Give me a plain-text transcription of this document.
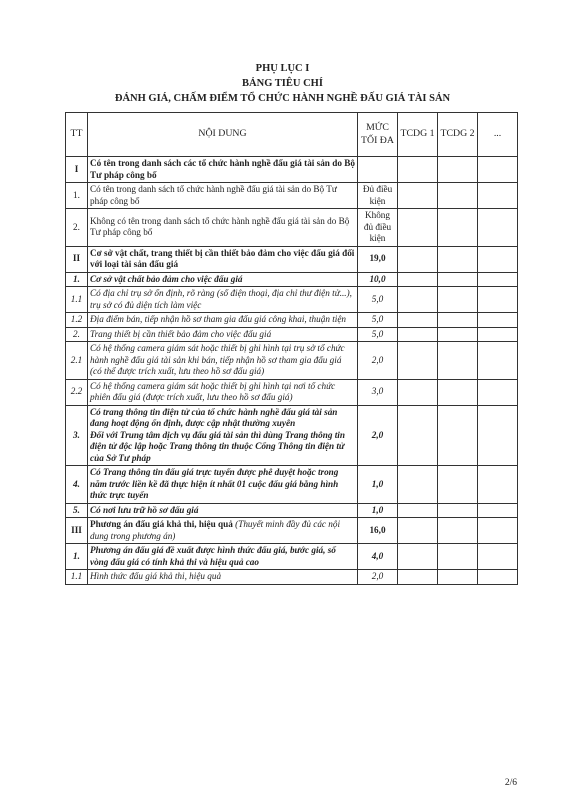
PHỤ LỤC I
BẢNG TIÊU CHÍ
ĐÁNH GIÁ, CHẤM ĐIỂM TỔ CHỨC HÀNH NGHỀ ĐẤU GIÁ TÀI SẢN
TT	NỘI DUNG	MỨC TỐI ĐA	TCDG 1	TCDG 2	...
I	Có tên trong danh sách các tổ chức hành nghề đấu giá tài sản do Bộ Tư pháp công bố				
1.	Có tên trong danh sách tổ chức hành nghề đấu giá tài sản do Bộ Tư pháp công bố	Đủ điều kiện			
2.	Không có tên trong danh sách tổ chức hành nghề đấu giá tài sản do Bộ Tư pháp công bố	Không đủ điều kiện			
II	Cơ sở vật chất, trang thiết bị cần thiết bảo đảm cho việc đấu giá đối với loại tài sản đấu giá	19,0			
1.	Cơ sở vật chất bảo đảm cho việc đấu giá	10,0			
1.1	Có địa chỉ trụ sở ổn định, rõ ràng (số điện thoại, địa chỉ thư điện tử...), trụ sở có đủ diện tích làm việc	5,0			
1.2	Địa điểm bán, tiếp nhận hồ sơ tham gia đấu giá công khai, thuận tiện	5,0			
2.	Trang thiết bị cần thiết bảo đảm cho việc đấu giá	5,0			
2.1	Có hệ thống camera giám sát hoặc thiết bị ghi hình tại trụ sở tổ chức hành nghề đấu giá tài sản khi bán, tiếp nhận hồ sơ tham gia đấu giá (có thể được trích xuất, lưu theo hồ sơ đấu giá)	2,0			
2.2	Có hệ thống camera giám sát hoặc thiết bị ghi hình tại nơi tổ chức phiên đấu giá (được trích xuất, lưu theo hồ sơ đấu giá)	3,0			
3.	Có trang thông tin điện tử của tổ chức hành nghề đấu giá tài sản đang hoạt động ổn định, được cập nhật thường xuyên
Đối với Trung tâm dịch vụ đấu giá tài sản thì dùng Trang thông tin điện tử độc lập hoặc Trang thông tin thuộc Cổng Thông tin điện tử của Sở Tư pháp	2,0			
4.	Có Trang thông tin đấu giá trực tuyến được phê duyệt hoặc trong năm trước liền kề đã thực hiện ít nhất 01 cuộc đấu giá bằng hình thức trực tuyến	1,0			
5.	Có nơi lưu trữ hồ sơ đấu giá	1,0			
III	Phương án đấu giá khả thi, hiệu quả (Thuyết minh đầy đủ các nội dung trong phương án)	16,0			
1.	Phương án đấu giá đề xuất được hình thức đấu giá, bước giá, số vòng đấu giá có tính khả thi và hiệu quả cao	4,0			
1.1	Hình thức đấu giá khả thi, hiệu quả	2,0			
2/6
